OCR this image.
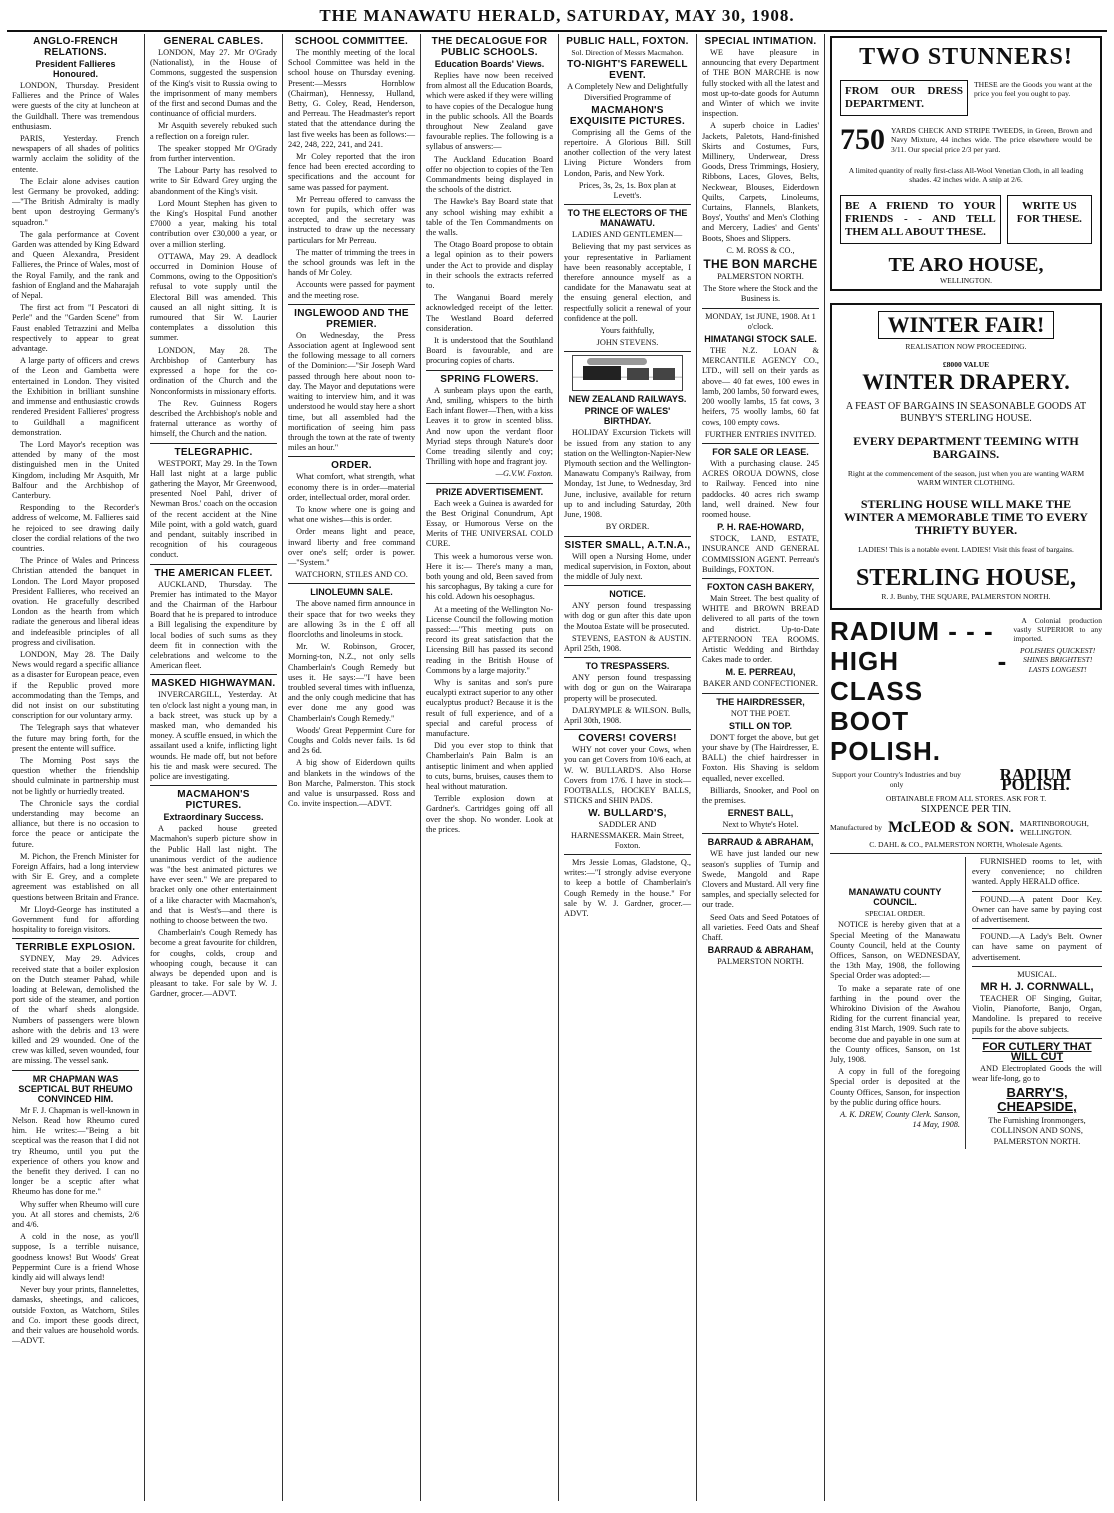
THE MANAWATU HERALD, SATURDAY, MAY 30, 1908.
ANGLO-FRENCH RELATIONS.
President Fallieres Honoured.

LONDON, Thursday. President Fallieres and the Prince of Wales were guests of the city at luncheon at the Guildhall. There was tremendous enthusiasm.

PARIS, Yesterday. French newspapers of all shades of politics warmly acclaim the solidity of the entente.

The Eclair alone advises caution lest Germany be provoked, adding:—"The British Admiralty is madly bent upon destroying Germany's squadron."

The gala performance at Covent Garden was attended by King Edward and Queen Alexandra, President Fallieres, the Prince of Wales, most of the Royal Family, and the rank and fashion of England and the Maharajah of Nepal.

The first act from "I Pescatori di Perle" and the "Garden Scene" from Faust enabled Tetrazzini and Melba respectively to appear to great advantage.

A large party of officers and crews of the Leon and Gambetta were entertained in London. They visited the Exhibition in brilliant sunshine and immense and enthusiastic crowds rendered President Fallieres' progress to Guildhall a magnificent demonstration.

The Lord Mayor's reception was attended by many of the most distinguished men in the United Kingdom, including Mr Asquith, Mr Balfour and the Archbishop of Canterbury.

Responding to the Recorder's address of welcome, M. Fallieres said he rejoiced to see drawing daily closer the cordial relations of the two countries.

The Prince of Wales and Princess Christian attended the banquet in London. The Lord Mayor proposed President Fallieres, who received an ovation. He gracefully described London as the hearth from which radiate the generous and liberal ideas and indefeasible principles of all progress and civilisation.

LONDON, May 28. The Daily News would regard a specific alliance as a disaster for European peace, even if the Republic proved more accommodating than the Temps, and did not insist on our substituting conscription for our voluntary army.

The Telegraph says that whatever the future may bring forth, for the present the entente will suffice.

The Morning Post says the question whether the friendship should culminate in partnership must not be lightly or hurriedly treated.

The Chronicle says the cordial understanding may become an alliance, but there is no occasion to force the peace or anticipate the future.

M. Pichon, the French Minister for Foreign Affairs, had a long interview with Sir E. Grey, and a complete agreement was established on all questions between Britain and France.

Mr Lloyd-George has instituted a Government fund for affording hospitality to foreign visitors.

TERRIBLE EXPLOSION.

SYDNEY, May 29. Advices received state that a boiler explosion on the Dutch steamer Pahad, while loading at Belewan, demolished the port side of the steamer, and portion of the wharf sheds alongside. Numbers of passengers were blown ashore with the debris and 13 were killed and 29 wounded. One of the crew was killed, seven wounded, four are missing. The vessel sank.

MR CHAPMAN WAS SCEPTICAL BUT RHEUMO CONVINCED HIM.

Mr F. J. Chapman is well-known in Nelson. Read how Rheumo cured him. He writes:—"Being a bit sceptical was the reason that I did not try Rheumo, until you put the experience of others you know and the benefit they derived. I can no longer be a sceptic after what Rheumo has done for me."

Why suffer when Rheumo will cure you. At all stores and chemists, 2/6 and 4/6.

A cold in the nose, as you'll suppose, Is a terrible nuisance, goodness knows! But Woods' Great Peppermint Cure is a friend Whose kindly aid will always lend!

Never buy your prints, flannelettes, damasks, sheetings, and calicoes, outside Foxton, as Watchorn, Stiles and Co. import these goods direct, and their values are household words.—ADVT.

GENERAL CABLES.

LONDON, May 27. Mr O'Grady (Nationalist), in the House of Commons, suggested the suspension of the King's visit to Russia owing to the imprisonment of many members of the first and second Dumas and the continuance of official murders.

Mr Asquith severely rebuked such a reflection on a foreign ruler.

The speaker stopped Mr O'Grady from further intervention.

The Labour Party has resolved to write to Sir Edward Grey urging the abandonment of the King's visit.

Lord Mount Stephen has given to the King's Hospital Fund another £7000 a year, making his total contribution over £30,000 a year, or over a million sterling.

OTTAWA, May 29. A deadlock occurred in Dominion House of Commons, owing to the Opposition's refusal to vote supply until the Electoral Bill was amended. This caused an all night sitting. It is rumoured that Sir W. Laurier contemplates a dissolution this summer.

LONDON, May 28. The Archbishop of Canterbury has expressed a hope for the co-ordination of the Church and the Nonconformists in missionary efforts.

The Rev. Guinness Rogers described the Archbishop's noble and fraternal utterance as worthy of himself, the Church and the nation.

TELEGRAPHIC.

WESTPORT, May 29. In the Town Hall last night at a large public gathering the Mayor, Mr Greenwood, presented Noel Pahl, driver of Newman Bros.' coach on the occasion of the recent accident at the Nine Mile point, with a gold watch, guard and pendant, suitably inscribed in recognition of his courageous conduct.

THE AMERICAN FLEET.

AUCKLAND, Thursday. The Premier has intimated to the Mayor and the Chairman of the Harbour Board that he is prepared to introduce a Bill legalising the expenditure by local bodies of such sums as they deem fit in connection with the celebrations and welcome to the American fleet.

MASKED HIGHWAYMAN.

INVERCARGILL, Yesterday. At ten o'clock last night a young man, in a back street, was stuck up by a masked man, who demanded his money. A scuffle ensued, in which the assailant used a knife, inflicting light wounds. He made off, but not before his tie and mask were secured. The police are investigating.

MACMAHON'S PICTURES.
Extraordinary Success.

A packed house greeted Macmahon's superb picture show in the Public Hall last night. The unanimous verdict of the audience was "the best animated pictures we have ever seen." We are prepared to bracket only one other entertainment of a like character with Macmahon's, and that is West's—and there is nothing to choose between the two.

Chamberlain's Cough Remedy has become a great favourite for children, for coughs, colds, croup and whooping cough, because it can always be depended upon and is pleasant to take. For sale by W. J. Gardner, grocer.—ADVT.

SCHOOL COMMITTEE.

The monthly meeting of the local School Committee was held in the school house on Thursday evening. Present:—Messrs Hornblow (Chairman), Hennessy, Hulland, Betty, G. Coley, Read, Henderson, and Perreau. The Headmaster's report stated that the attendance during the last five weeks has been as follows:—242, 248, 222, 241, and 241.

Mr Coley reported that the iron fence had been erected according to specifications and the account for same was passed for payment.

Mr Perreau offered to canvass the town for pupils, which offer was accepted, and the secretary was instructed to draw up the necessary particulars for Mr Perreau.

The matter of trimming the trees in the school grounds was left in the hands of Mr Coley.

Accounts were passed for payment and the meeting rose.

INGLEWOOD AND THE PREMIER.

On Wednesday, the Press Association agent at Inglewood sent the following message to all corners of the Dominion:—"Sir Joseph Ward passed through here about noon to-day. The Mayor and deputations were waiting to interview him, and it was understood he would stay here a short time, but all assembled had the mortification of seeing him pass through the town at the rate of twenty miles an hour."

ORDER.

What comfort, what strength, what economy there is in order—material order, intellectual order, moral order.

To know where one is going and what one wishes—this is order.

Order means light and peace, inward liberty and free command over one's self; order is power.—"System."

WATCHORN, STILES AND CO.

LINOLEUMN SALE.

The above named firm announce in their space that for two weeks they are allowing 3s in the £ off all floorcloths and linoleums in stock.

Mr. W. Robinson, Grocer, Morning-ton, N.Z., not only sells Chamberlain's Cough Remedy but uses it. He says:—"I have been troubled several times with influenza, and the only cough medicine that has ever done me any good was Chamberlain's Cough Remedy."

Woods' Great Peppermint Cure for Coughs and Colds never fails. 1s 6d and 2s 6d.

A big show of Eiderdown quilts and blankets in the windows of the Bon Marche, Palmerston. This stock and value is unsurpassed. Ross and Co. invite inspection.—ADVT.

THE DECALOGUE FOR PUBLIC SCHOOLS.
Education Boards' Views.

Replies have now been received from almost all the Education Boards, which were asked if they were willing to have copies of the Decalogue hung in the public schools. All the Boards throughout New Zealand gave favourable replies. The following is a syllabus of answers:—

The Auckland Education Board offer no objection to copies of the Ten Commandments being displayed in the schools of the district.

The Hawke's Bay Board state that any school wishing may exhibit a table of the Ten Commandments on the walls.

The Otago Board propose to obtain a legal opinion as to their powers under the Act to provide and display in their schools the extracts referred to.

The Wanganui Board merely acknowledged receipt of the letter. The Westland Board deferred consideration.

It is understood that the Southland Board is favourable, and are procuring copies of charts.

SPRING FLOWERS.

A sunbeam plays upon the earth, And, smiling, whispers to the birth Each infant flower—Then, with a kiss Leaves it to grow in scented bliss. And now upon the verdant floor Myriad steps through Nature's door Come treading silently and coy; Thrilling with hope and fragrant joy.

—G.V.W. Foxton.

PRIZE ADVERTISEMENT.

Each week a Guinea is awarded for the Best Original Conundrum, Apt Essay, or Humorous Verse on the Merits of THE UNIVERSAL COLD CURE.

This week a humorous verse won. Here it is:— There's many a man, both young and old, Been saved from his sarcophagus, By taking a cure for his cold. Adown his oesophagus.

At a meeting of the Wellington No-License Council the following motion passed:—"This meeting puts on record its great satisfaction that the Licensing Bill has passed its second reading in the British House of Commons by a large majority."

Why is sanitas and son's pure eucalypti extract superior to any other eucalyptus product? Because it is the result of full experience, and of a special and careful process of manufacture.

Did you ever stop to think that Chamberlain's Pain Balm is an antiseptic liniment and when applied to cuts, burns, bruises, causes them to heal without maturation.

Terrible explosion down at Gardner's. Cartridges going off all over the shop. No wonder. Look at the prices.

PUBLIC HALL, FOXTON.

Sol. Direction of Messrs Macmahon.

TO-NIGHT'S FAREWELL EVENT.

A Completely New and Delightfully Diversified Programme of

MACMAHON'S EXQUISITE PICTURES.

Comprising all the Gems of the repertoire. A Glorious Bill. Still another collection of the very latest Living Picture Wonders from London, Paris, and New York.

Prices, 3s, 2s, 1s. Box plan at Levett's.

TO THE ELECTORS OF THE MANAWATU.

LADIES AND GENTLEMEN—

Believing that my past services as your representative in Parliament have been reasonably acceptable, I therefore announce myself as a candidate for the Manawatu seat at the ensuing general election, and respectfully solicit a renewal of your confidence at the poll.

Yours faithfully,

JOHN STEVENS.

NEW ZEALAND RAILWAYS.
PRINCE OF WALES' BIRTHDAY.

HOLIDAY Excursion Tickets will be issued from any station to any station on the Wellington-Napier-New Plymouth section and the Wellington-Manawatu Company's Railway, from Monday, 1st June, to Wednesday, 3rd June, inclusive, available for return up to and including Saturday, 20th June, 1908.

BY ORDER.

SISTER SMALL, A.T.N.A.,

Will open a Nursing Home, under medical supervision, in Foxton, about the middle of July next.

NOTICE.

ANY person found trespassing with dog or gun after this date upon the Moutoa Estate will be prosecuted.

STEVENS, EASTON & AUSTIN. April 25th, 1908.

TO TRESPASSERS.

ANY person found trespassing with dog or gun on the Wairarapa property will be prosecuted.

DALRYMPLE & WILSON. Bulls, April 30th, 1908.

COVERS! COVERS!

WHY not cover your Cows, when you can get Covers from 10/6 each, at W. W. BULLARD'S. Also Horse Covers from 17/6. I have in stock— FOOTBALLS, HOCKEY BALLS, STICKS and SHIN PADS.

W. BULLARD'S,

SADDLER AND HARNESSMAKER. Main Street, Foxton.

Mrs Jessie Lomas, Gladstone, Q., writes:—"I strongly advise everyone to keep a bottle of Chamberlain's Cough Remedy in the house." For sale by W. J. Gardner, grocer.—ADVT.

SPECIAL INTIMATION.

WE have pleasure in announcing that every Department of THE BON MARCHE is now fully stocked with all the latest and most up-to-date goods for Autumn and Winter of which we invite inspection.

A superb choice in Ladies' Jackets, Paletots, Hand-finished Skirts and Costumes, Furs, Millinery, Underwear, Dress Goods, Dress Trimmings, Hosiery, Ribbons, Laces, Gloves, Belts, Neckwear, Blouses, Eiderdown Quilts, Carpets, Linoleums, Curtains, Flannels, Blankets, Boys', Youths' and Men's Clothing and Mercery, Ladies' and Gents' Boots, Shoes and Slippers.

C. M. ROSS & CO.,

THE BON MARCHE

PALMERSTON NORTH.

The Store where the Stock and the Business is.

MONDAY, 1st JUNE, 1908. At 1 o'clock.

HIMATANGI STOCK SALE.

THE N.Z. LOAN & MERCANTILE AGENCY CO., LTD., will sell on their yards as above— 40 fat ewes, 100 ewes in lamb, 200 lambs, 50 forward ewes, 200 woolly lambs, 15 fat cows, 3 heifers, 75 woolly lambs, 60 fat cows, 100 empty cows.

FURTHER ENTRIES INVITED.

FOR SALE OR LEASE.

With a purchasing clause. 245 ACRES OROUA DOWNS, close to Railway. Fenced into nine paddocks. 40 acres rich swamp land, well drained. New four roomed house.

P. H. RAE-HOWARD,

STOCK, LAND, ESTATE, INSURANCE AND GENERAL COMMISSION AGENT. Perreau's Buildings, FOXTON.

FOXTON CASH BAKERY,

Main Street. The best quality of WHITE and BROWN BREAD delivered to all parts of the town and district. Up-to-Date AFTERNOON TEA ROOMS. Artistic Wedding and Birthday Cakes made to order.

M. E. PERREAU,

BAKER AND CONFECTIONER.

THE HAIRDRESSER,

NOT THE POET.

STILL ON TOP.

DON'T forget the above, but get your shave by (The Hairdresser, E. BALL) the chief hairdresser in Foxton. His Shaving is seldom equalled, never excelled.

Billiards, Snooker, and Pool on the premises.

ERNEST BALL,

Next to Whyte's Hotel.

BARRAUD & ABRAHAM,

WE have just landed our new season's supplies of Turnip and Swede, Mangold and Rape Clovers and Mustard. All very fine samples, and specially selected for our trade.

Seed Oats and Seed Potatoes of all varieties. Feed Oats and Sheaf Chaff.

BARRAUD & ABRAHAM,

PALMERSTON NORTH.

TWO STUNNERS!
FROM OUR DRESS DEPARTMENT.
THESE are the Goods you want at the price you feel you ought to pay.
750 YARDS CHECK AND STRIPE TWEEDS, in Green, Brown and Navy Mixture, 44 inches wide. The price elsewhere would be 3/11. Our special price 2/3 per yard.
A limited quantity of really first-class All-Wool Venetian Cloth, in all leading shades. 42 inches wide. A snip at 2/6.
BE A FRIEND TO YOUR FRIENDS - - AND TELL THEM ALL ABOUT THESE.
WRITE US FOR THESE.
TE ARO HOUSE,
WELLINGTON.
WINTER FAIR!
REALISATION NOW PROCEEDING.
£8000 VALUE
WINTER DRAPERY.
A FEAST OF BARGAINS IN SEASONABLE GOODS AT BUNBY'S STERLING HOUSE.
EVERY DEPARTMENT TEEMING WITH BARGAINS.
Right at the commencement of the season, just when you are wanting WARM WARM WINTER CLOTHING.
STERLING HOUSE WILL MAKE THE WINTER A MEMORABLE TIME TO EVERY THRIFTY BUYER.
LADIES! This is a notable event. LADIES! Visit this feast of bargains.
STERLING HOUSE,
R. J. Bunby, THE SQUARE, PALMERSTON NORTH.
RADIUM - - -
HIGH - CLASS
BOOT POLISH.

A Colonial production vastly SUPERIOR to any imported.

POLISHES QUICKEST! SHINES BRIGHTEST! LASTS LONGEST!

Support your Country's Industries and buy only
RADIUM POLISH.

OBTAINABLE FROM ALL STORES. ASK FOR T.

SIXPENCE PER TIN.

Manufactured by McLEOD & SON. MARTINBOROUGH, WELLINGTON.

C. DAHL & CO., PALMERSTON NORTH, Wholesale Agents.

MANAWATU COUNTY COUNCIL.

SPECIAL ORDER.

NOTICE is hereby given that at a Special Meeting of the Manawatu County Council, held at the County Offices, Sanson, on WEDNESDAY, the 13th May, 1908, the following Special Order was adopted:—

To make a separate rate of one farthing in the pound over the Whirokino Division of the Awahou Riding for the current financial year, ending 31st March, 1909. Such rate to become due and payable in one sum at the County offices, Sanson, on 1st July, 1908.

A copy in full of the foregoing Special order is deposited at the County Offices, Sanson, for inspection by the public during office hours.

A. K. DREW, County Clerk. Sanson, 14 May, 1908.

FURNISHED rooms to let, with every convenience; no children wanted. Apply HERALD office.

FOUND.—A patent Door Key. Owner can have same by paying cost of advertisement.

FOUND.—A Lady's Belt. Owner can have same on payment of advertisement.

MUSICAL.

MR H. J. CORNWALL,

TEACHER OF Singing, Guitar, Violin, Pianoforte, Banjo, Organ, Mandoline. Is prepared to receive pupils for the above subjects.

FOR CUTLERY THAT WILL CUT

AND Electroplated Goods the will wear life-long, go to

BARRY'S, CHEAPSIDE,

The Furnishing Ironmongers, COLLINSON AND SONS, PALMERSTON NORTH.
